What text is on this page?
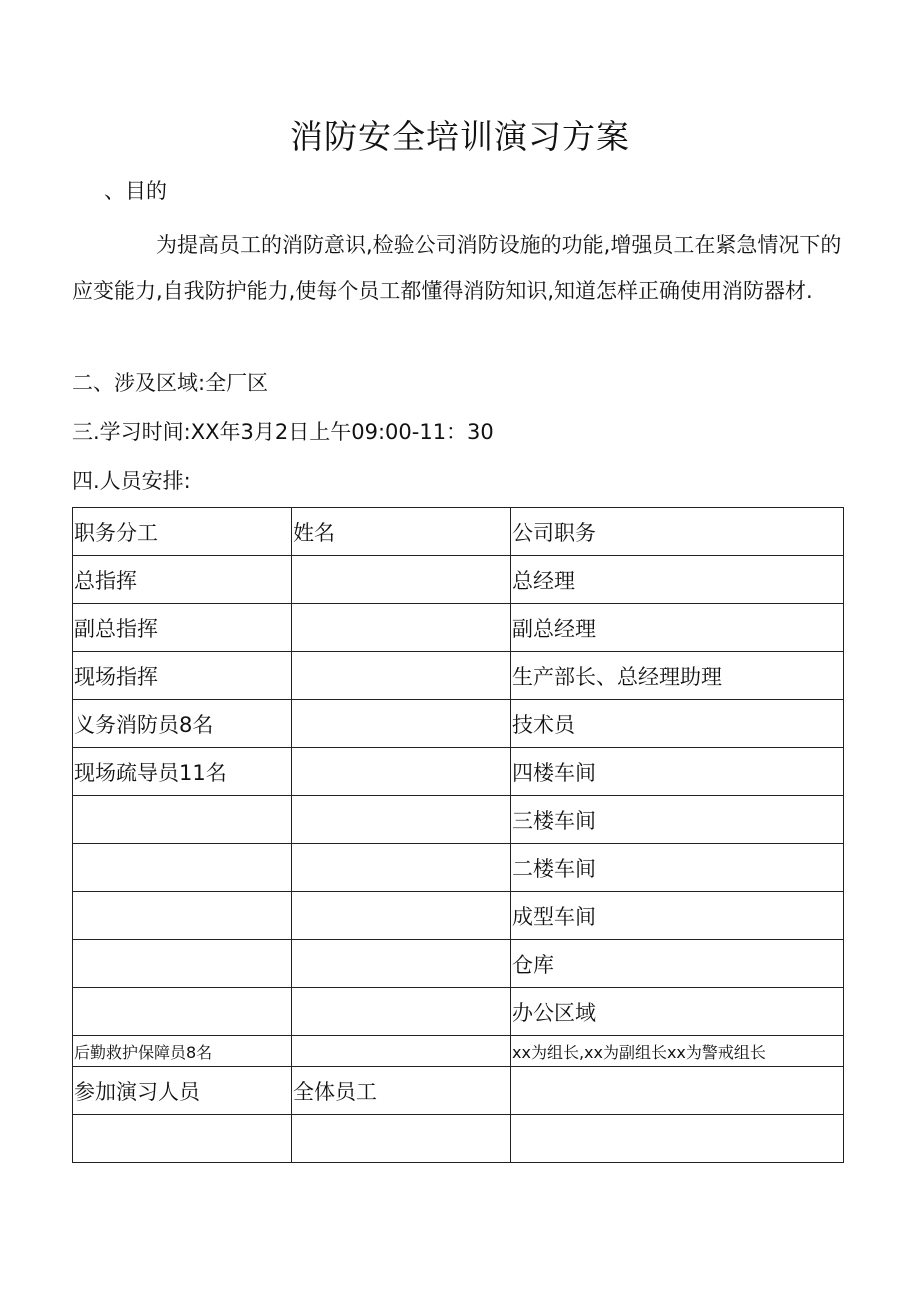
消防安全培训演习方案
、目的
为提高员工的消防意识,检验公司消防设施的功能,增强员工在紧急情况下的应变能力,自我防护能力,使每个员工都懂得消防知识,知道怎样正确使用消防器材.
二、涉及区域:全厂区
三.学习时间:XX年3月2日上午09:00-11：30
四.人员安排:
职务分工	姓名	公司职务
总指挥		总经理
副总指挥		副总经理
现场指挥		生产部长、总经理助理
义务消防员8名		技术员
现场疏导员11名		四楼车间
		三楼车间
		二楼车间
		成型车间
		仓库
		办公区域
后勤救护保障员8名		xx为组长,xx为副组长xx为警戒组长
参加演习人员	全体员工	
